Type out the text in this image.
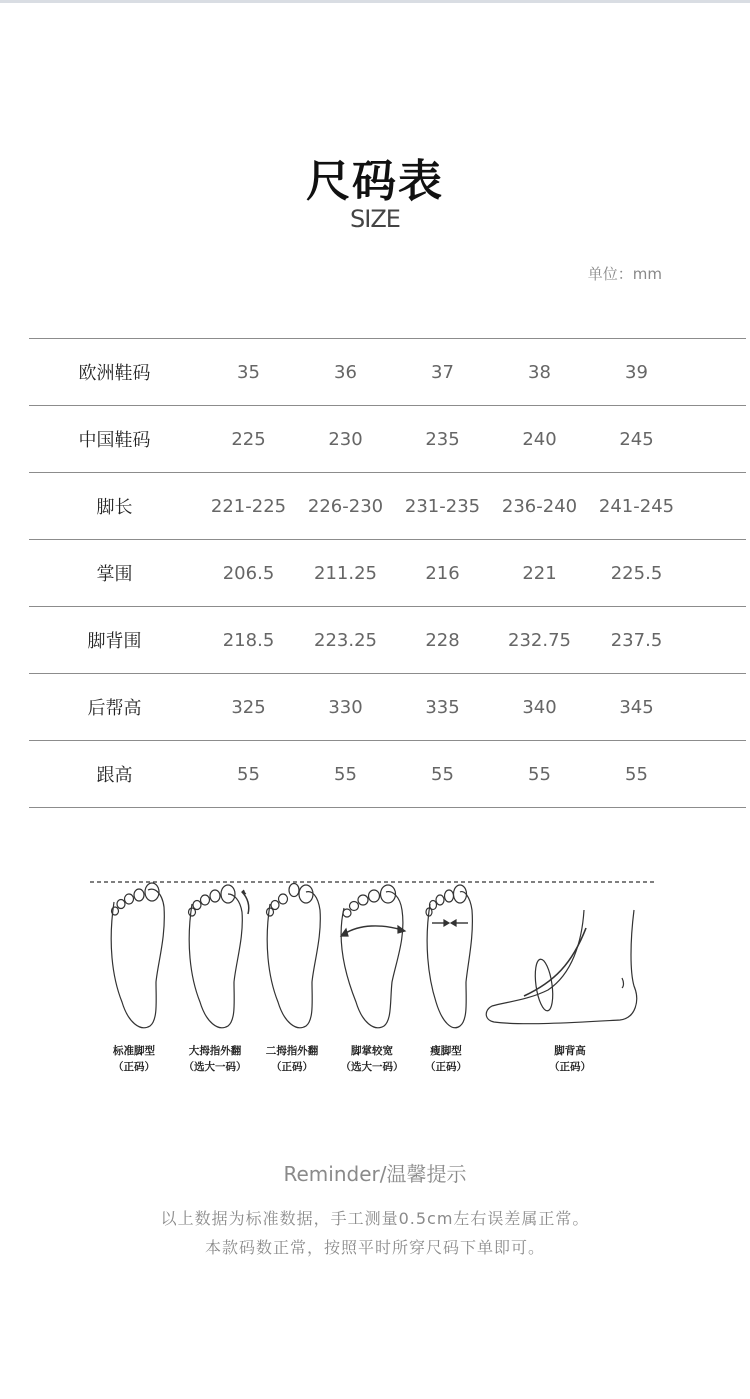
尺码表
SIZE
单位：mm
欧洲鞋码	35	36	37	38	39	
中国鞋码	225	230	235	240	245	
脚长	221-225	226-230	231-235	236-240	241-245	
掌围	206.5	211.25	216	221	225.5	
脚背围	218.5	223.25	228	232.75	237.5	
后帮高	325	330	335	340	345	
跟高	55	55	55	55	55	
标准脚型
（正码）
大拇指外翻
（选大一码）
二拇指外翻
（正码）
脚掌较宽
（选大一码）
瘦脚型
（正码）
脚背高
（正码）
Reminder/温馨提示
以上数据为标准数据，手工测量0.5cm左右误差属正常。
本款码数正常，按照平时所穿尺码下单即可。
